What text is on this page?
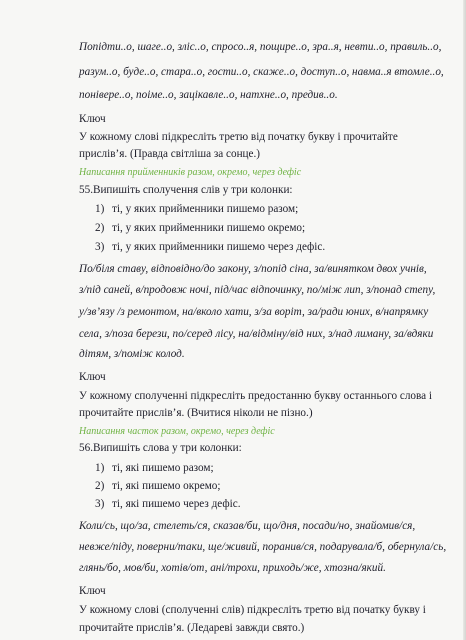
Попідти..о, шаге..о, зліс..о, спросо..я, пощирe..о, зра..я, невти..о, правиль..о,
разум..о, буде..о, стара..о, гости..о, скаже..о, доступ..о, навма..я втомле..о,
поніверe..о, поіме..о, зацікавле..о, натхне..о, предив..о.
Ключ
У кожному слові підкресліть третю від початку букву і прочитайте
прислів’я. (Правда світліша за сонце.)
Написання прийменників разом, окремо, через дефіс
55.Випишіть сполучення слів у три колонки:
1) ті, у яких прийменники пишемо разом;
2) ті, у яких прийменники пишемо окремо;
3) ті, у яких прийменники пишемо через дефіс.
По/біля ставу, відповідно/до закону, з/попід сіна, за/винятком двох учнів,
з/під санeй, в/продовж ночі, під/час відпочинку, по/між лип, з/понад степу,
у/зв’язу /з ремонтом, на/вколо хати, з/за воріт, за/ради юних, в/напрямку
села, з/поза берези, по/серед лісу, на/відміну/від них, з/над лиману, за/вдяки
дітям, з/поміж колод.
Ключ
У кожному сполученні підкресліть предостанню букву останнього слова і
прочитайте прислів’я. (Вчитися ніколи не пізно.)
Написання часток разом, окремо, через дефіс
56.Випишіть слова у три колонки:
1) ті, які пишемо разом;
2) ті, які пишемо окремо;
3) ті, які пишемо через дефіс.
Коли/сь, що/за, стелеть/ся, сказав/би, що/дня, посади/но, знайомив/ся,
невже/піду, поверни/таки, ще/живий, поранив/ся, подарувала/б, обернула/сь,
глянь/бо, мов/би, хотів/от, ані/трохи, приходь/же, хтозна/який.
Ключ
У кожному слові (сполученні слів) підкресліть третю від початку букву і
прочитайте прислів’я. (Ледареві завжди свято.)
